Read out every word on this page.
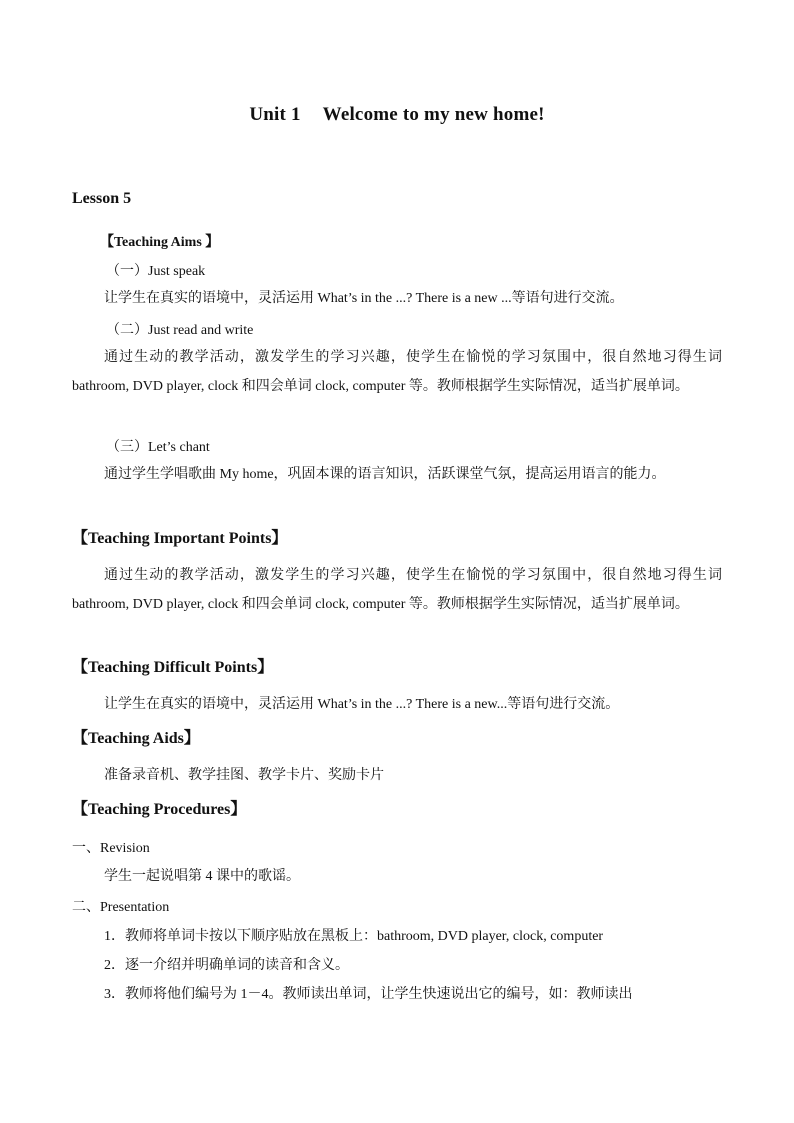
Unit 1 Welcome to my new home!
Lesson 5
【Teaching Aims 】
（一）Just speak
让学生在真实的语境中，灵活运用 What’s in the ...? There is a new ...等语句进行交流。
（二）Just read and write
通过生动的教学活动，激发学生的学习兴趣，使学生在愉悦的学习氛围中，很自然地习得生词 bathroom, DVD player, clock 和四会单词 clock, computer 等。教师根据学生实际情况，适当扩展单词。
（三）Let’s chant
通过学生学唱歌曲 My home，巩固本课的语言知识，活跃课堂气氛，提高运用语言的能力。
【Teaching Important Points】
通过生动的教学活动，激发学生的学习兴趣，使学生在愉悦的学习氛围中，很自然地习得生词 bathroom, DVD player, clock 和四会单词 clock, computer 等。教师根据学生实际情况，适当扩展单词。
【Teaching Difficult Points】
让学生在真实的语境中，灵活运用 What’s in the ...? There is a new...等语句进行交流。
【Teaching Aids】
准备录音机、教学挂图、教学卡片、奖励卡片
【Teaching Procedures】
一、Revision
学生一起说唱第 4 课中的歌谣。
二、Presentation
1．教师将单词卡按以下顺序贴放在黑板上：bathroom, DVD player, clock, computer
2．逐一介绍并明确单词的读音和含义。
3．教师将他们编号为 1－4。教师读出单词，让学生快速说出它的编号，如：教师读出
